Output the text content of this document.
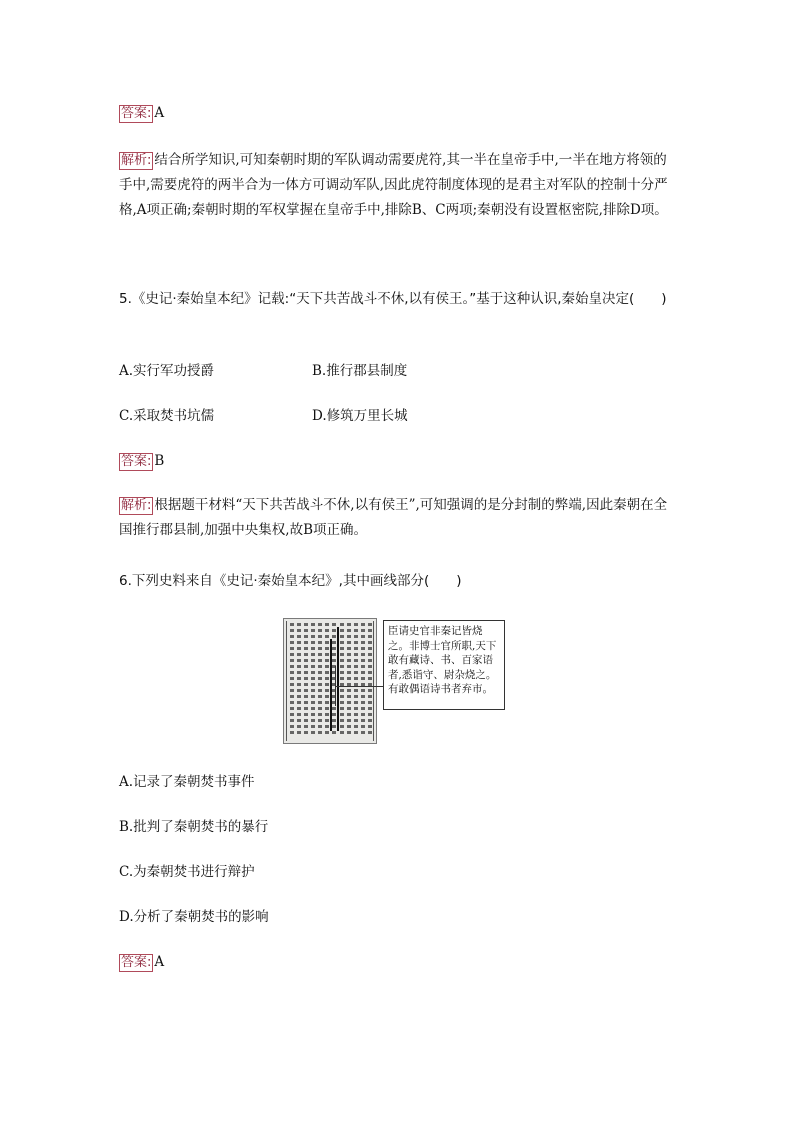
答案: A
解析: 结合所学知识,可知秦朝时期的军队调动需要虎符,其一半在皇帝手中,一半在地方将领的手中,需要虎符的两半合为一体方可调动军队,因此虎符制度体现的是君主对军队的控制十分严格,A项正确;秦朝时期的军权掌握在皇帝手中,排除B、C两项;秦朝没有设置枢密院,排除D项。
5.《史记·秦始皇本纪》记载:“天下共苦战斗不休,以有侯王。”基于这种认识,秦始皇决定(　　)
A.实行军功授爵	B.推行郡县制度
C.采取焚书坑儒	D.修筑万里长城
答案: B
解析: 根据题干材料“天下共苦战斗不休,以有侯王”,可知强调的是分封制的弊端,因此秦朝在全国推行郡县制,加强中央集权,故B项正确。
6.下列史料来自《史记·秦始皇本纪》,其中画线部分(　　)
臣请史官非秦记皆烧之。非博士官所职,天下敢有藏诗、书、百家语者,悉诣守、尉杂烧之。有敢偶语诗书者弃市。
A.记录了秦朝焚书事件
B.批判了秦朝焚书的暴行
C.为秦朝焚书进行辩护
D.分析了秦朝焚书的影响
答案: A
